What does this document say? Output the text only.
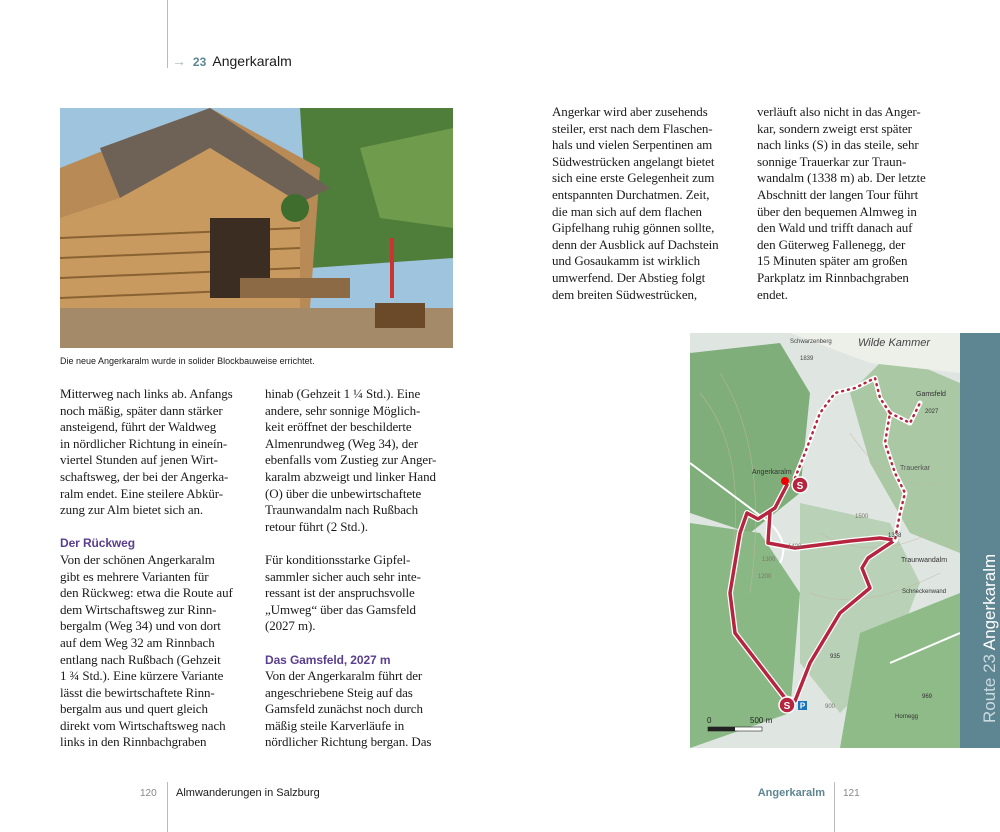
→ 23 Angerkaralm
Die neue Angerkaralm wurde in solider Blockbauweise errichtet.
Mitterweg nach links ab. Anfangs
noch mäßig, später dann stärker
ansteigend, führt der Waldweg
in nördlicher Richtung in eineín-
viertel Stunden auf jenen Wirt-
schaftsweg, der bei der Angerka-
ralm endet. Eine steilere Abkür-
zung zur Alm bietet sich an.
Der Rückweg
Von der schönen Angerkaralm
gibt es mehrere Varianten für
den Rückweg: etwa die Route auf
dem Wirtschaftsweg zur Rinn-
bergalm (Weg 34) und von dort
auf dem Weg 32 am Rinnbach
entlang nach Rußbach (Gehzeit
1 ¾ Std.). Eine kürzere Variante
lässt die bewirtschaftete Rinn-
bergalm aus und quert gleich
direkt vom Wirtschaftsweg nach
links in den Rinnbachgraben
hinab (Gehzeit 1 ¼ Std.). Eine
andere, sehr sonnige Möglich-
keit eröffnet der beschilderte
Almenrundweg (Weg 34), der
ebenfalls vom Zustieg zur Anger-
karalm abzweigt und linker Hand
(O) über die unbewirtschaftete
Traunwandalm nach Rußbach
retour führt (2 Std.).
Für konditionsstarke Gipfel-
sammler sicher auch sehr inte-
ressant ist der anspruchsvolle
„Umweg“ über das Gamsfeld
(2027 m).
Das Gamsfeld, 2027 m
Von der Angerkaralm führt der
angeschriebene Steig auf das
Gamsfeld zunächst noch durch
mäßig steile Karverläufe in
nördlicher Richtung bergan. Das
Angerkar wird aber zusehends
steiler, erst nach dem Flaschen-
hals und vielen Serpentinen am
Südwestrücken angelangt bietet
sich eine erste Gelegenheit zum
entspannten Durchatmen. Zeit,
die man sich auf dem flachen
Gipfelhang ruhig gönnen sollte,
denn der Ausblick auf Dachstein
und Gosaukamm ist wirklich
umwerfend. Der Abstieg folgt
dem breiten Südwestrücken,
verläuft also nicht in das Anger-
kar, sondern zweigt erst später
nach links (S) in das steile, sehr
sonnige Trauerkar zur Traun-
wandalm (1338 m) ab. Der letzte
Abschnitt der langen Tour führt
über den bequemen Almweg in
den Wald und trifft danach auf
den Güterweg Fallenegg, der
15 Minuten später am großen
Parkplatz im Rinnbachgraben
endet.
Wilde Kammer
Schwarzenberg
1839
Gamsfeld
2027
Angerkaralm
Trauerkar
1338
Traunwandalm
Schneckenwand
1400
1300
1200
1500
935
969
900
Hornegg
S
S P
0	500 m	Route 23 Angerkaralm
120 Almwanderungen in Salzburg	Angerkaralm 121
